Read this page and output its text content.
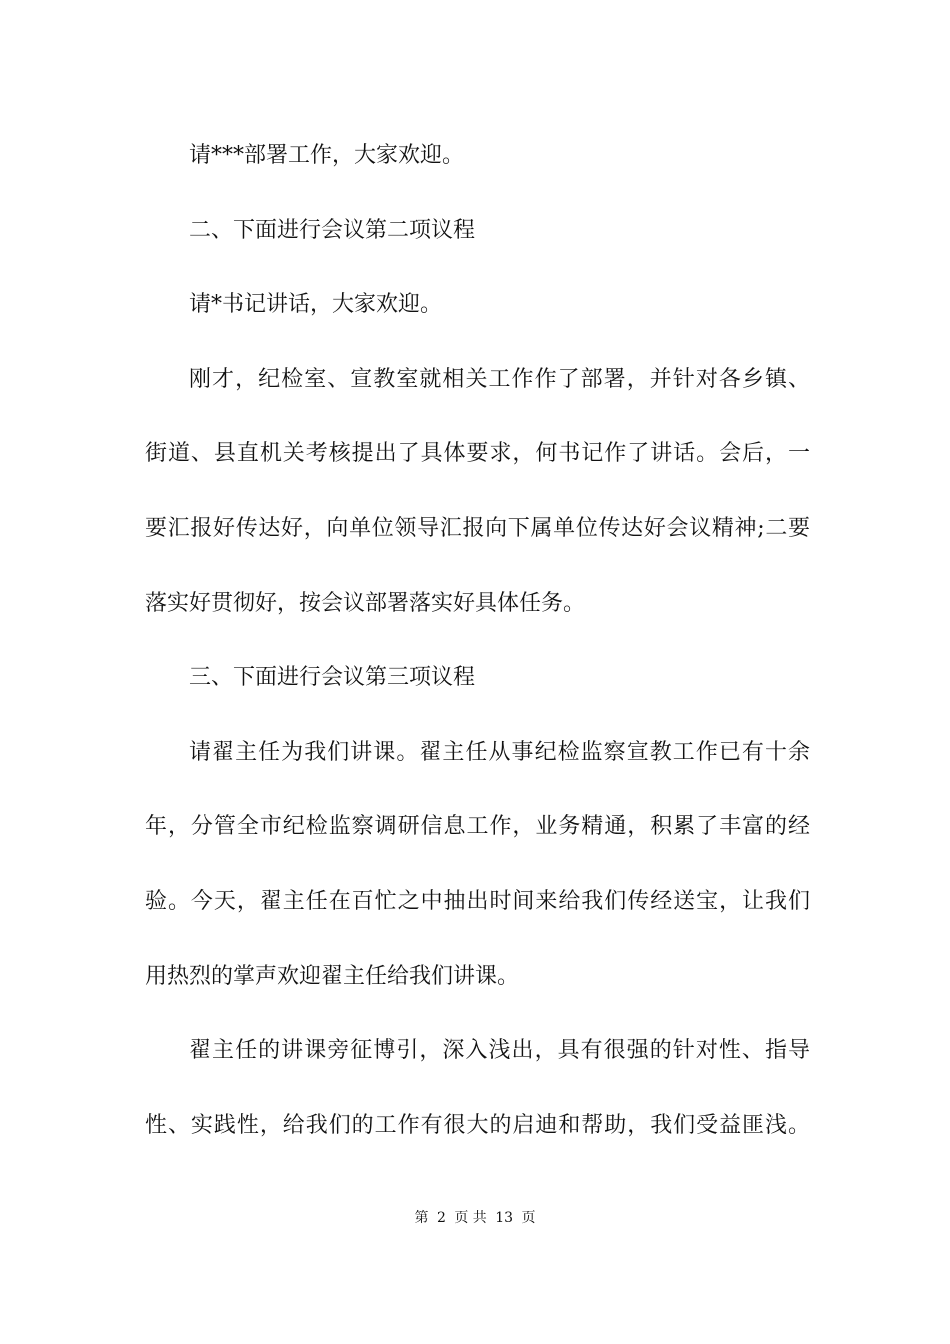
请***部署工作，大家欢迎。
二、下面进行会议第二项议程
请*书记讲话，大家欢迎。
刚才，纪检室、宣教室就相关工作作了部署，并针对各乡镇、
街道、县直机关考核提出了具体要求，何书记作了讲话。会后，一
要汇报好传达好，向单位领导汇报向下属单位传达好会议精神;二要
落实好贯彻好，按会议部署落实好具体任务。
三、下面进行会议第三项议程
请翟主任为我们讲课。翟主任从事纪检监察宣教工作已有十余
年，分管全市纪检监察调研信息工作，业务精通，积累了丰富的经
验。今天，翟主任在百忙之中抽出时间来给我们传经送宝，让我们
用热烈的掌声欢迎翟主任给我们讲课。
翟主任的讲课旁征博引，深入浅出，具有很强的针对性、指导
性、实践性，给我们的工作有很大的启迪和帮助，我们受益匪浅。
第 2 页 共 13 页
